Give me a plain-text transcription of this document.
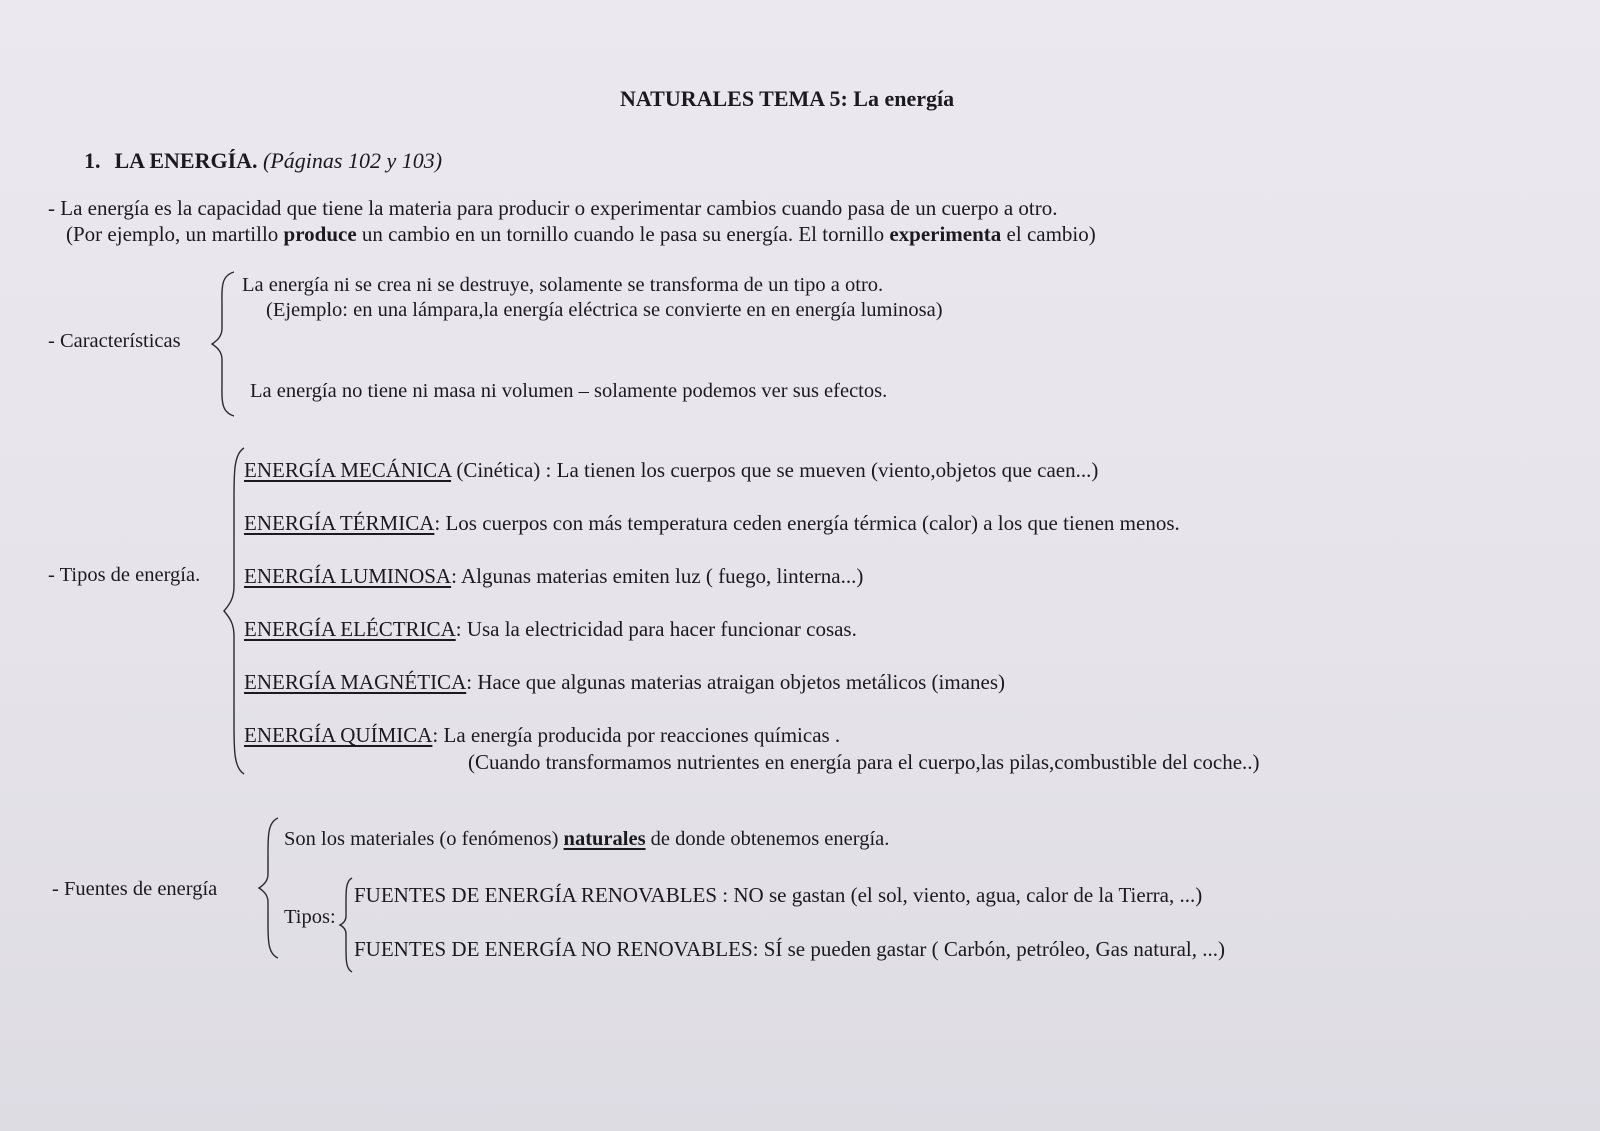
NATURALES TEMA 5: La energía
1. LA ENERGÍA. (Páginas 102 y 103)
- La energía es la capacidad que tiene la materia para producir o experimentar cambios cuando pasa de un cuerpo a otro.
(Por ejemplo, un martillo produce un cambio en un tornillo cuando le pasa su energía. El tornillo experimenta el cambio)
- Características
La energía ni se crea ni se destruye, solamente se transforma de un tipo a otro.
(Ejemplo: en una lámpara,la energía eléctrica se convierte en en energía luminosa)
La energía no tiene ni masa ni volumen – solamente podemos ver sus efectos.
- Tipos de energía.
ENERGÍA MECÁNICA (Cinética) : La tienen los cuerpos que se mueven (viento,objetos que caen...)
ENERGÍA TÉRMICA: Los cuerpos con más temperatura ceden energía térmica (calor) a los que tienen menos.
ENERGÍA LUMINOSA: Algunas materias emiten luz ( fuego, linterna...)
ENERGÍA ELÉCTRICA: Usa la electricidad para hacer funcionar cosas.
ENERGÍA MAGNÉTICA: Hace que algunas materias atraigan objetos metálicos (imanes)
ENERGÍA QUÍMICA: La energía producida por reacciones químicas .
(Cuando transformamos nutrientes en energía para el cuerpo,las pilas,combustible del coche..)
- Fuentes de energía
Son los materiales (o fenómenos) naturales de donde obtenemos energía.
Tipos:
FUENTES DE ENERGÍA RENOVABLES : NO se gastan (el sol, viento, agua, calor de la Tierra, ...)
FUENTES DE ENERGÍA NO RENOVABLES: SÍ se pueden gastar ( Carbón, petróleo, Gas natural, ...)
